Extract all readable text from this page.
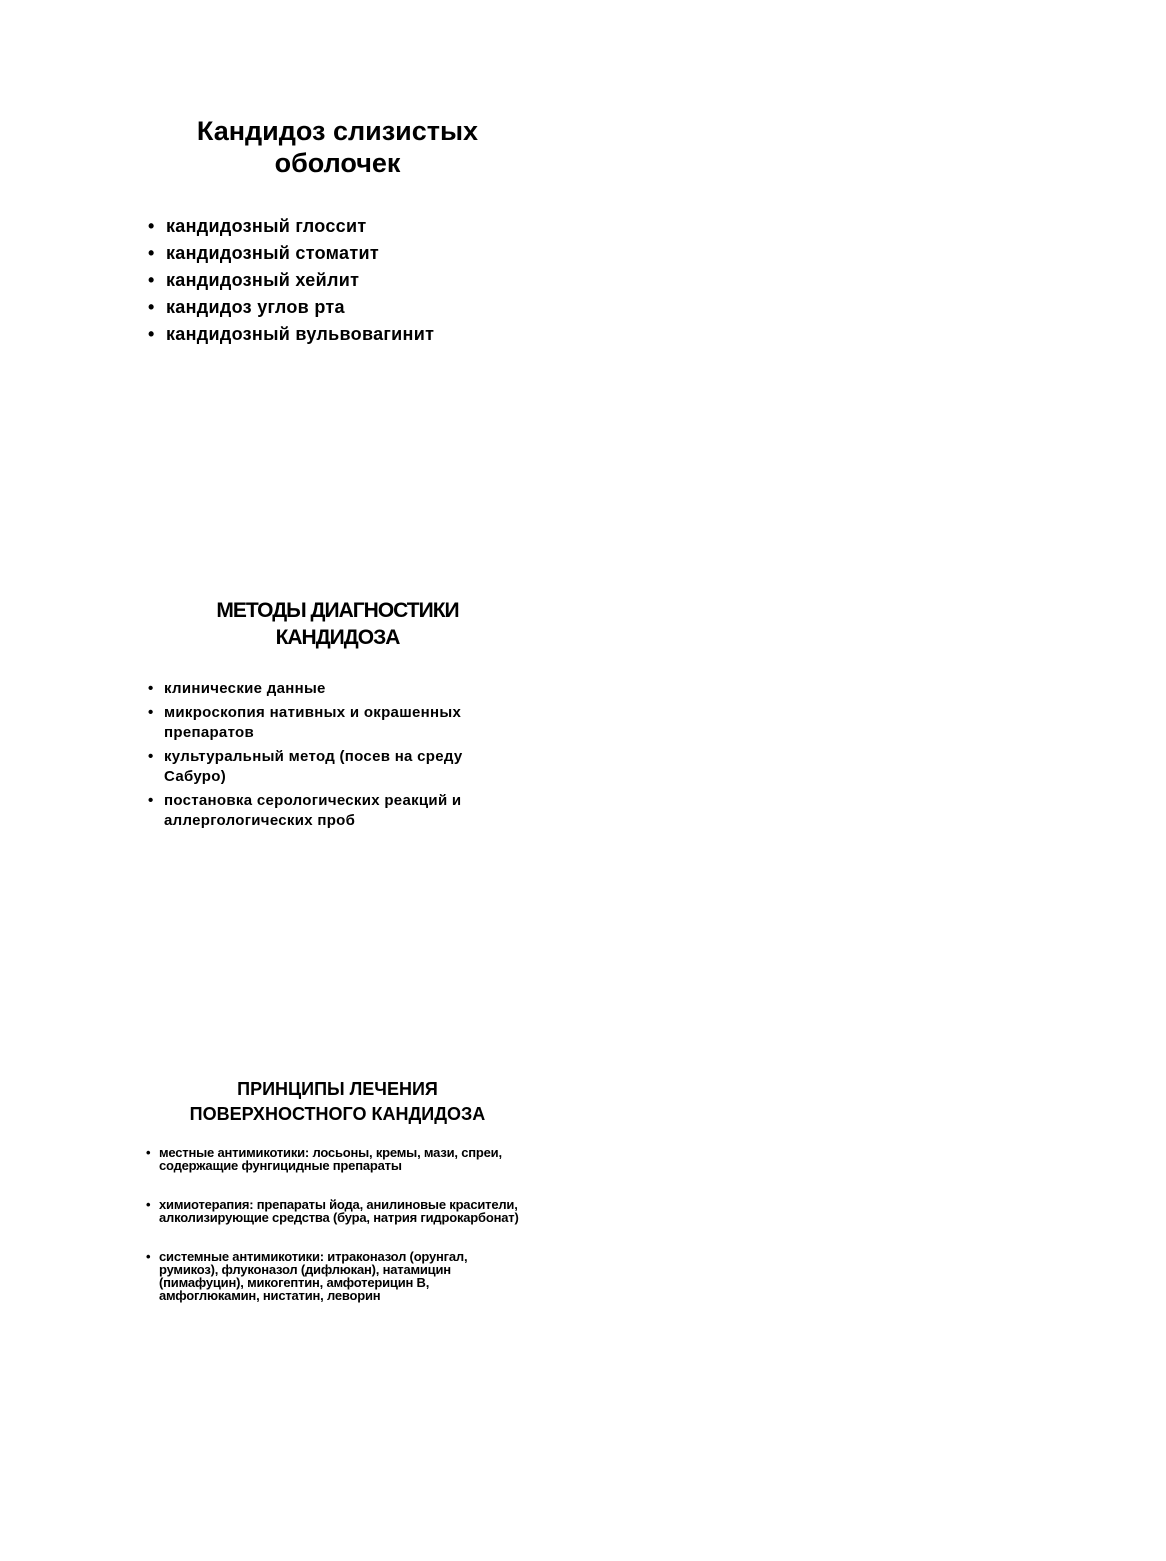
Кандидоз слизистых
оболочек
• кандидозный глоссит
• кандидозный стоматит
• кандидозный хейлит
• кандидоз углов рта
• кандидозный вульвовагинит
МЕТОДЫ ДИАГНОСТИКИ
КАНДИДОЗА
• клинические данные
• микроскопия нативных и окрашенных препаратов
• культуральный метод (посев на среду Сабуро)
• постановка серологических реакций и аллергологических проб
ПРИНЦИПЫ ЛЕЧЕНИЯ
ПОВЕРХНОСТНОГО КАНДИДОЗА
• местные антимикотики: лосьоны, кремы, мази, спреи, содержащие фунгицидные препараты
• химиотерапия: препараты йода, анилиновые красители, алколизирующие средства (бура, натрия гидрокарбонат)
• системные антимикотики: итраконазол (орунгал, румикоз), флуконазол (дифлюкан), натамицин (пимафуцин), микогептин, амфотерицин В, амфоглюкамин, нистатин, леворин
